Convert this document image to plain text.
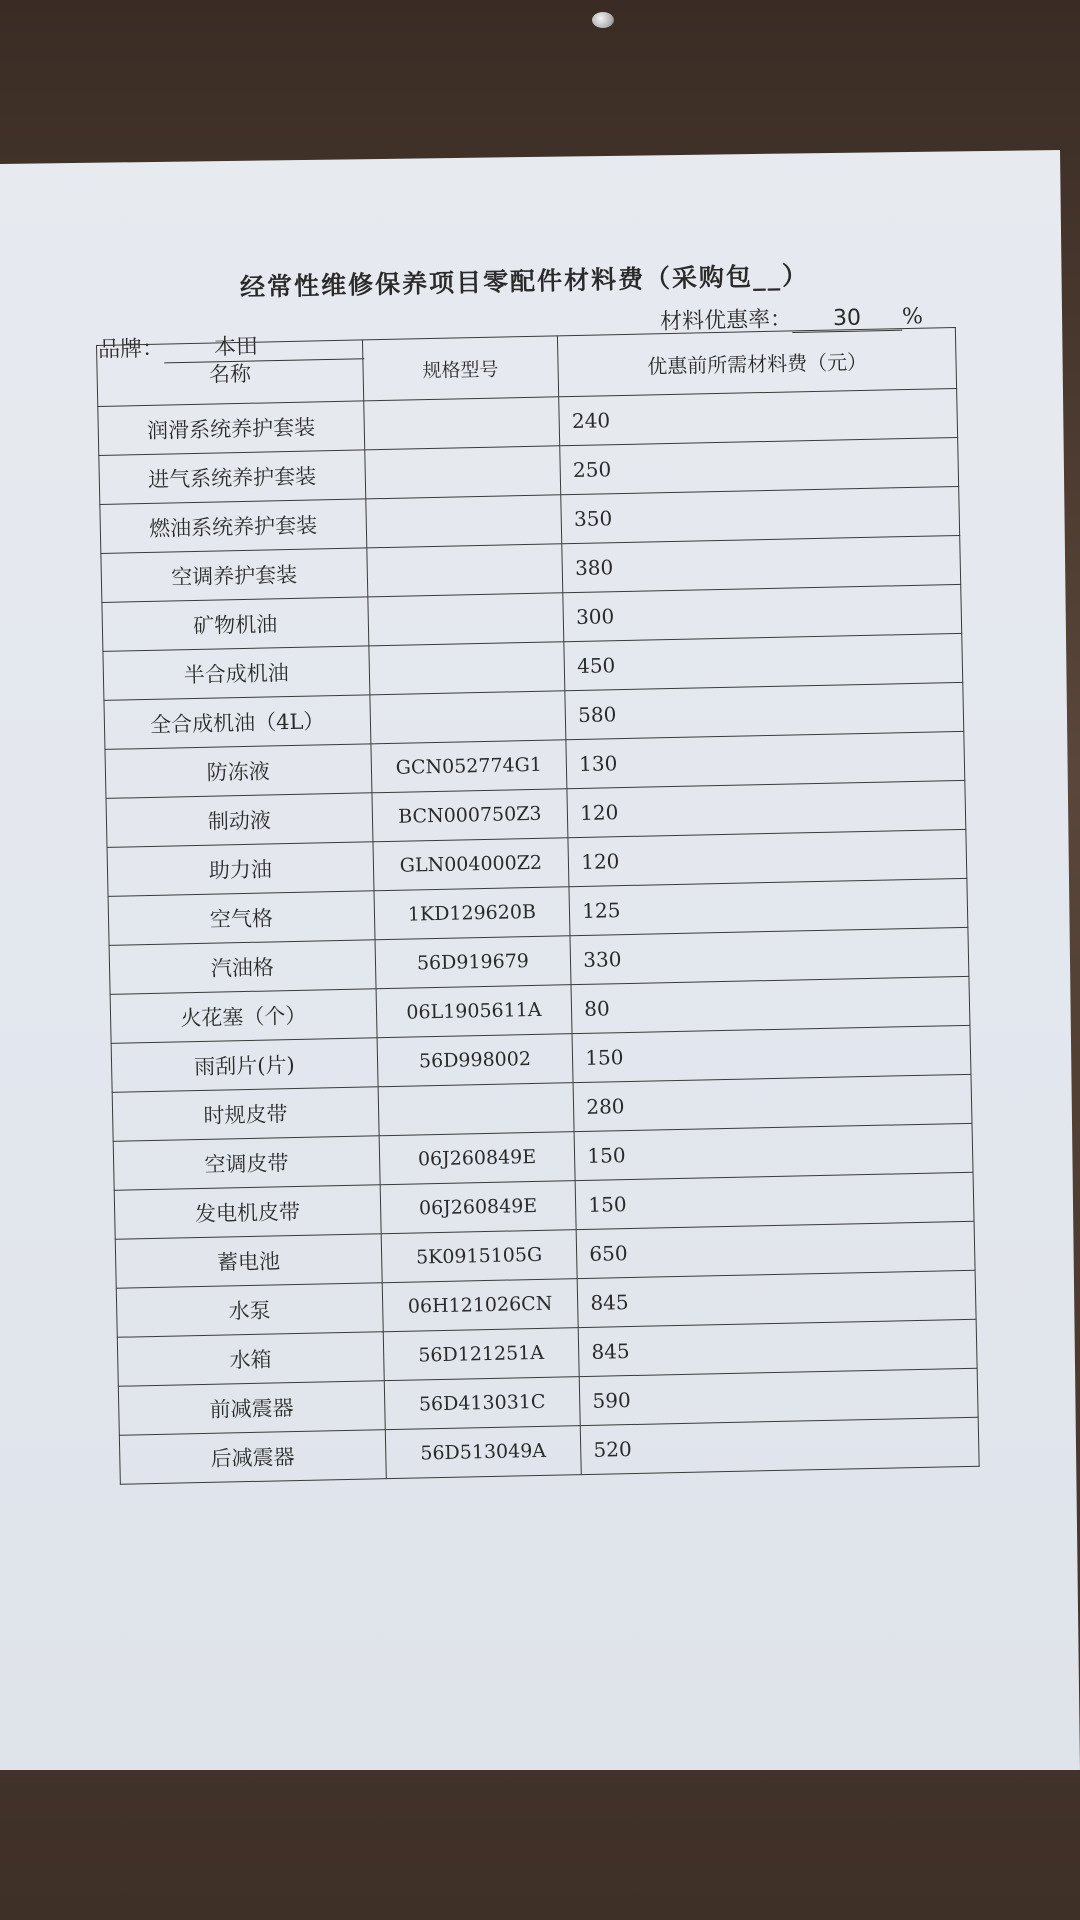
经常性维修保养项目零配件材料费（采购包__）
材料优惠率： 30 %
品牌： 本田
名称	规格型号	优惠前所需材料费（元）
润滑系统养护套装		240
进气系统养护套装		250
燃油系统养护套装		350
空调养护套装		380
矿物机油		300
半合成机油		450
全合成机油（4L）		580
防冻液	GCN052774G1	130
制动液	BCN000750Z3	120
助力油	GLN004000Z2	120
空气格	1KD129620B	125
汽油格	56D919679	330
火花塞（个）	06L1905611A	80
雨刮片(片)	56D998002	150
时规皮带		280
空调皮带	06J260849E	150
发电机皮带	06J260849E	150
蓄电池	5K0915105G	650
水泵	06H121026CN	845
水箱	56D121251A	845
前减震器	56D413031C	590
后减震器	56D513049A	520
